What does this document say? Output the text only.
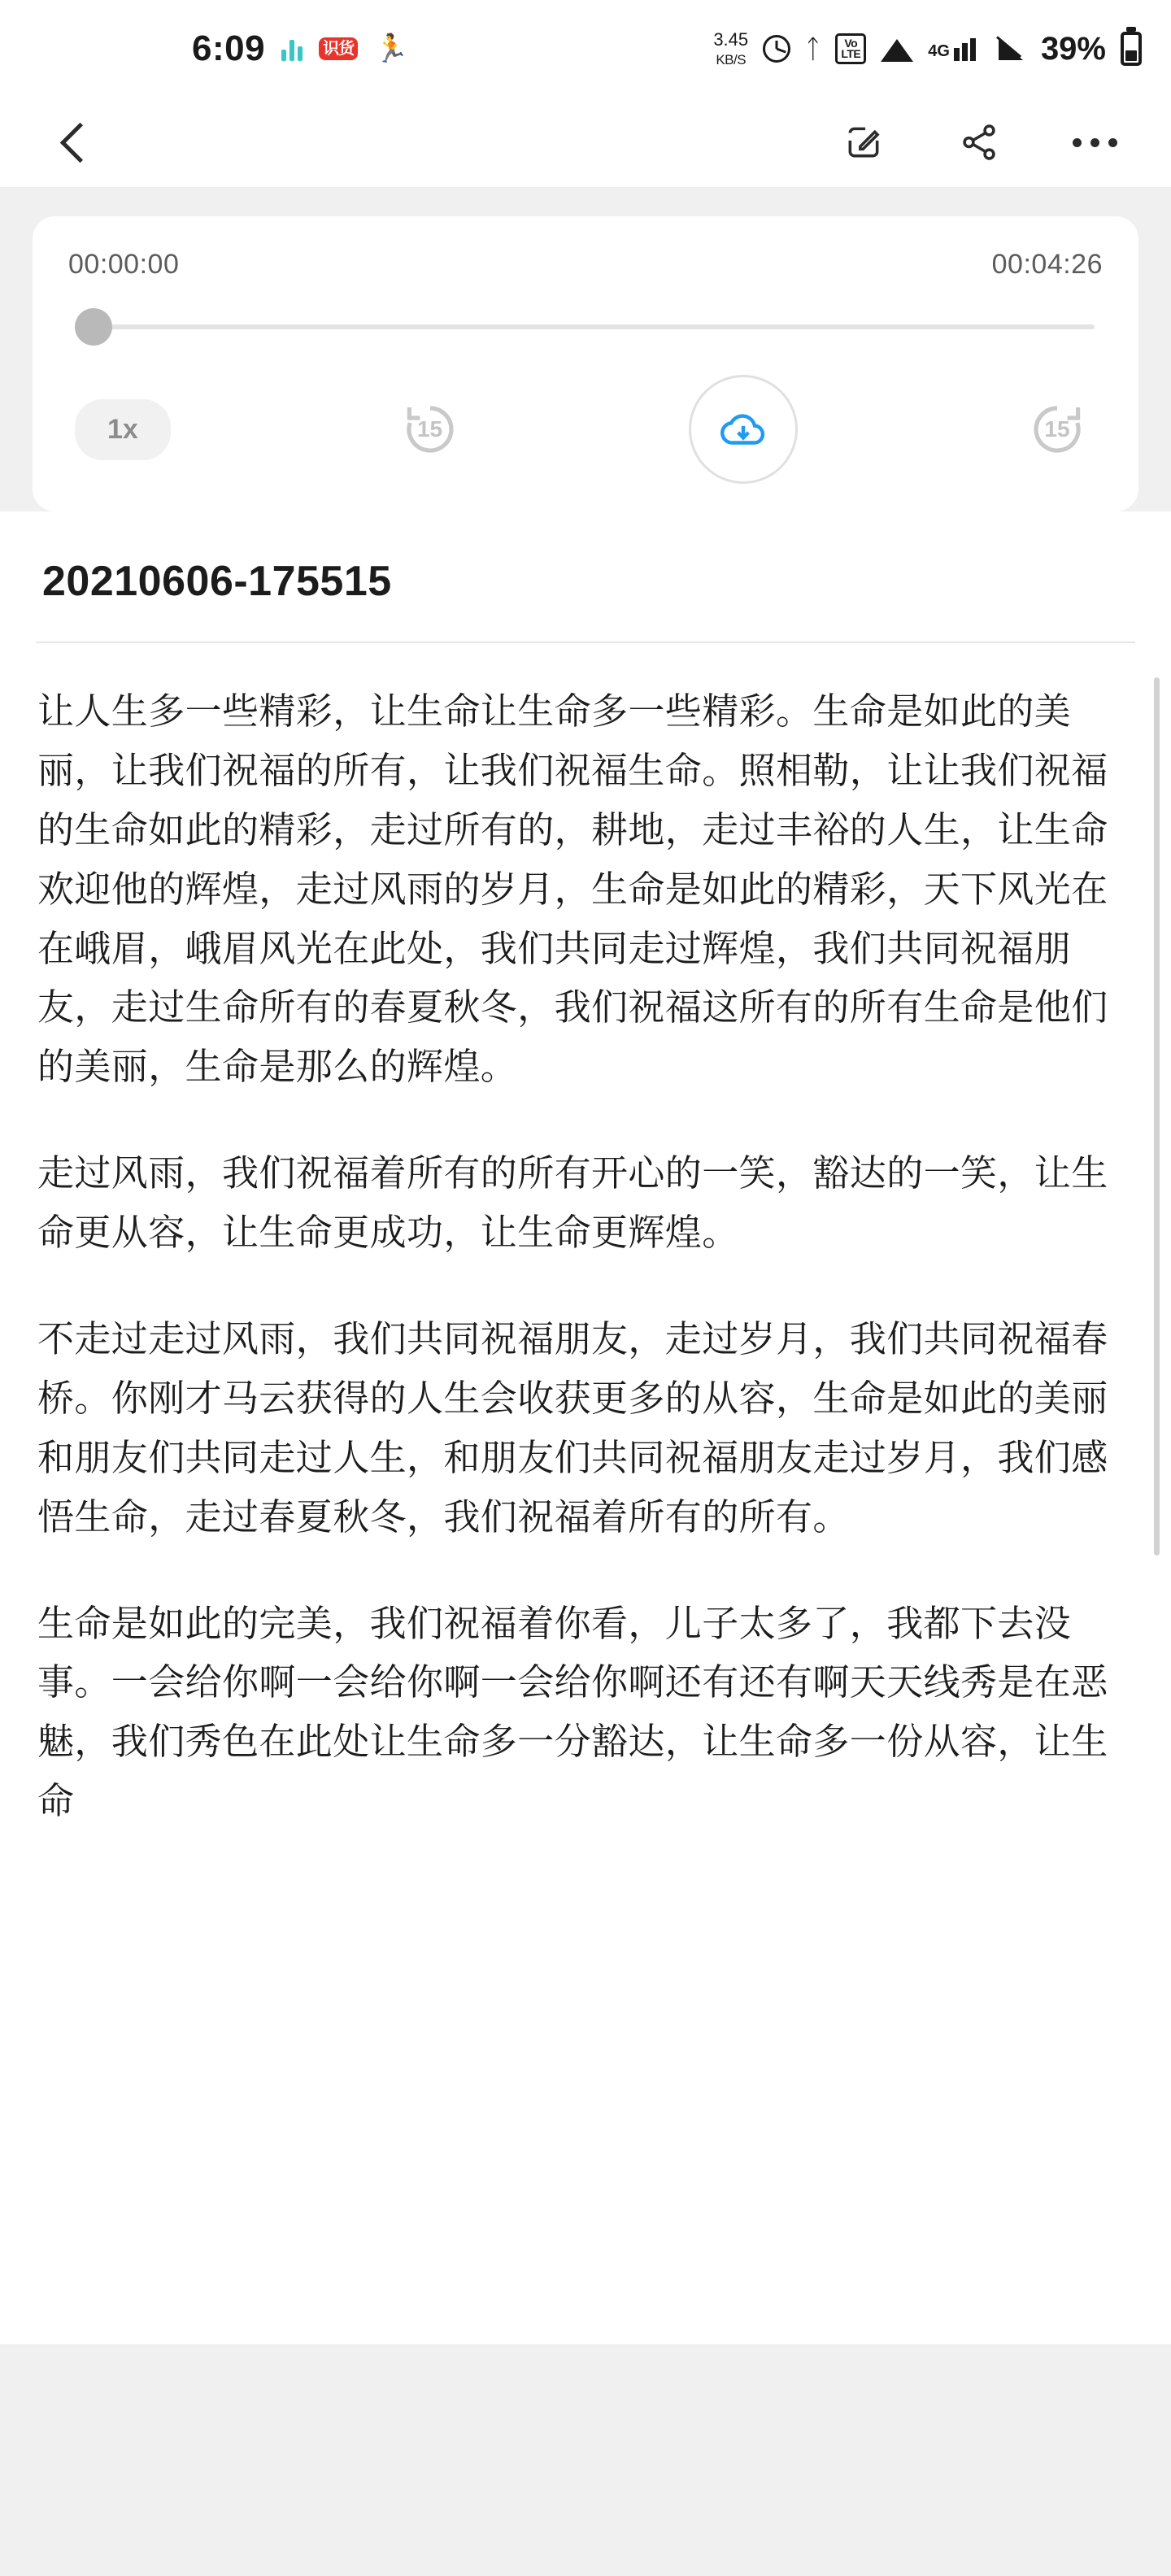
6:09	识货 🏃	3.45
KB/S ᛏ	Vo
LTE	4G	39%
00:00:00	00:04:26
1x	15	15
20210606-175515

让人生多一些精彩，让生命让生命多一些精彩。生命是如此的美丽，让我们祝福的所有，让我们祝福生命。照相勒，让让我们祝福的生命如此的精彩，走过所有的，耕地，走过丰裕的人生，让生命欢迎他的辉煌，走过风雨的岁月，生命是如此的精彩，天下风光在在峨眉，峨眉风光在此处，我们共同走过辉煌，我们共同祝福朋友，走过生命所有的春夏秋冬，我们祝福这所有的所有生命是他们的美丽，生命是那么的辉煌。

走过风雨，我们祝福着所有的所有开心的一笑，豁达的一笑，让生命更从容，让生命更成功，让生命更辉煌。

不走过走过风雨，我们共同祝福朋友，走过岁月，我们共同祝福春桥。你刚才马云获得的人生会收获更多的从容，生命是如此的美丽和朋友们共同走过人生，和朋友们共同祝福朋友走过岁月，我们感悟生命，走过春夏秋冬，我们祝福着所有的所有。

生命是如此的完美，我们祝福着你看，儿子太多了，我都下去没事。一会给你啊一会给你啊一会给你啊还有还有啊天天线秀是在恶魅，我们秀色在此处让生命多一分豁达，让生命多一份从容，让生命
